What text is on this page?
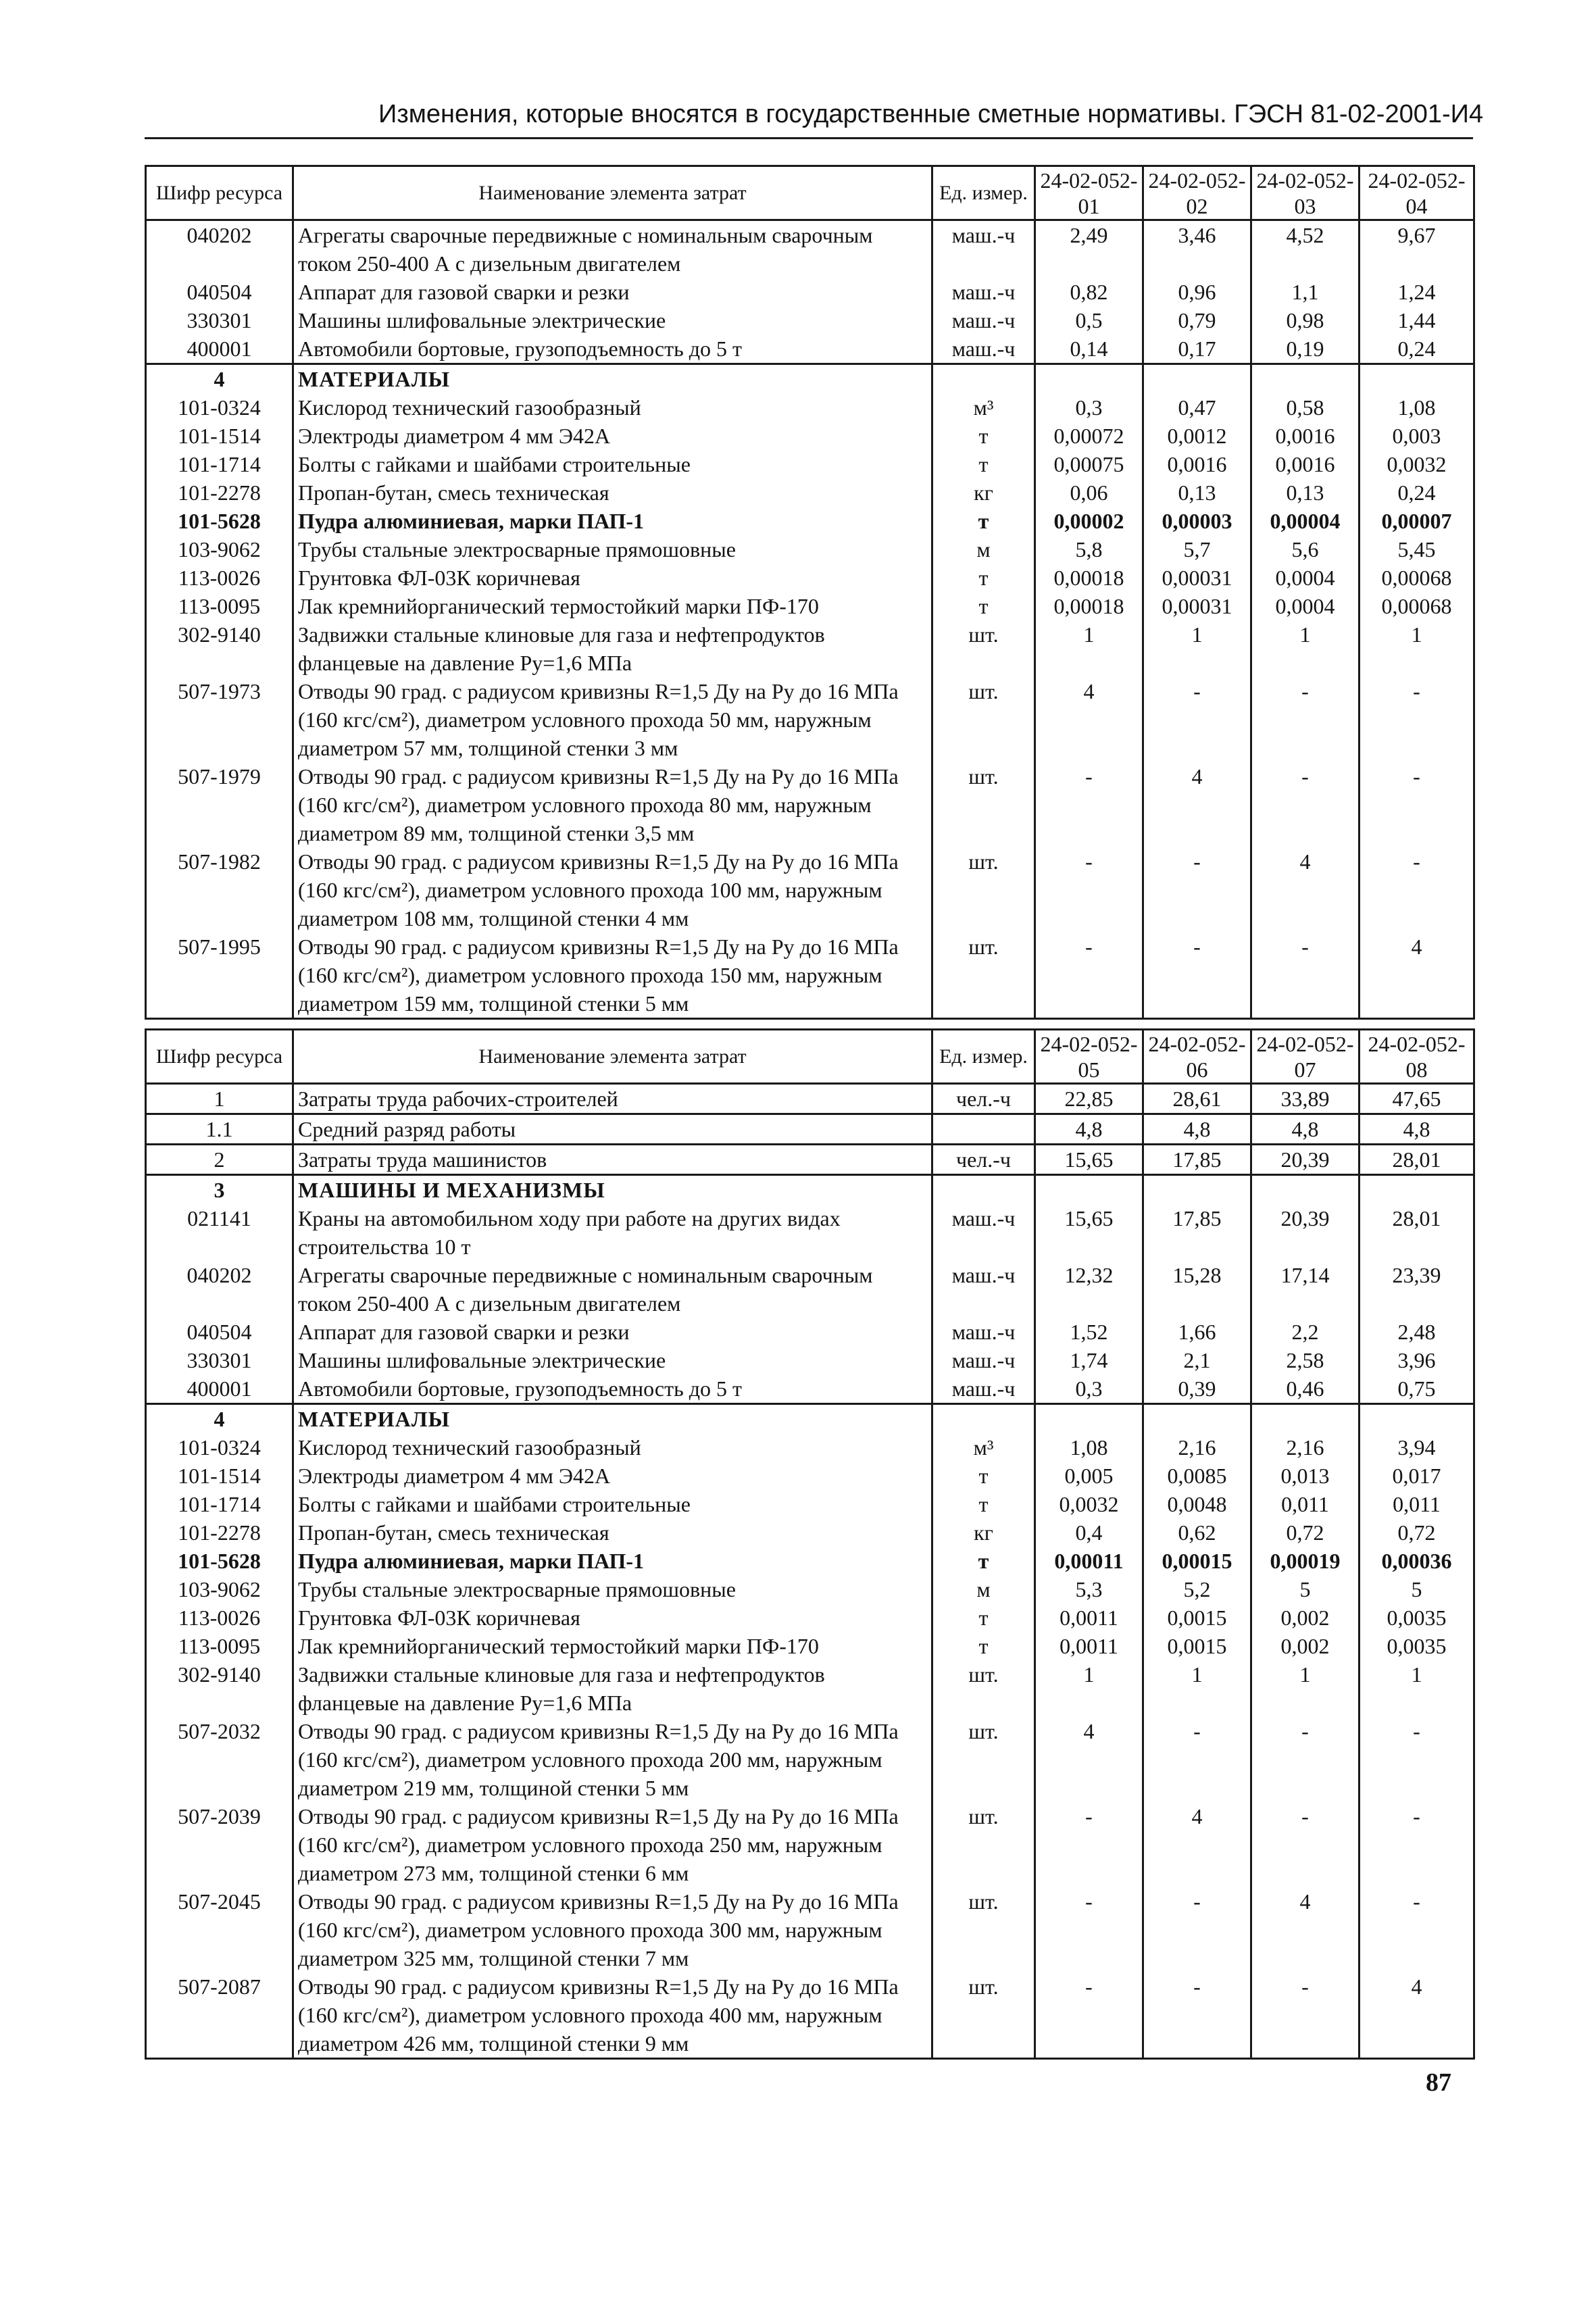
Изменения, которые вносятся в государственные сметные нормативы. ГЭСН 81-02-2001-И4
Шифр ресурса	Наименование элемента затрат	Ед. измер.	24-02-052-01	24-02-052-02	24-02-052-03	24-02-052-04
040202	Агрегаты сварочные передвижные с номинальным сварочным током 250-400 А с дизельным двигателем	маш.-ч	2,49	3,46	4,52	9,67
040504	Аппарат для газовой сварки и резки	маш.-ч	0,82	0,96	1,1	1,24
330301	Машины шлифовальные электрические	маш.-ч	0,5	0,79	0,98	1,44
400001	Автомобили бортовые, грузоподъемность до 5 т	маш.-ч	0,14	0,17	0,19	0,24
4	МАТЕРИАЛЫ					
101-0324	Кислород технический газообразный	м³	0,3	0,47	0,58	1,08
101-1514	Электроды диаметром 4 мм Э42А	т	0,00072	0,0012	0,0016	0,003
101-1714	Болты с гайками и шайбами строительные	т	0,00075	0,0016	0,0016	0,0032
101-2278	Пропан-бутан, смесь техническая	кг	0,06	0,13	0,13	0,24
101-5628	Пудра алюминиевая, марки ПАП-1	т	0,00002	0,00003	0,00004	0,00007
103-9062	Трубы стальные электросварные прямошовные	м	5,8	5,7	5,6	5,45
113-0026	Грунтовка ФЛ-03К коричневая	т	0,00018	0,00031	0,0004	0,00068
113-0095	Лак кремнийорганический термостойкий марки ПФ-170	т	0,00018	0,00031	0,0004	0,00068
302-9140	Задвижки стальные клиновые для газа и нефтепродуктов фланцевые на давление Ру=1,6 МПа	шт.	1	1	1	1
507-1973	Отводы 90 град. с радиусом кривизны R=1,5 Ду на Ру до 16 МПа (160 кгс/см²), диаметром условного прохода 50 мм, наружным диаметром 57 мм, толщиной стенки 3 мм	шт.	4	-	-	-
507-1979	Отводы 90 град. с радиусом кривизны R=1,5 Ду на Ру до 16 МПа (160 кгс/см²), диаметром условного прохода 80 мм, наружным диаметром 89 мм, толщиной стенки 3,5 мм	шт.	-	4	-	-
507-1982	Отводы 90 град. с радиусом кривизны R=1,5 Ду на Ру до 16 МПа (160 кгс/см²), диаметром условного прохода 100 мм, наружным диаметром 108 мм, толщиной стенки 4 мм	шт.	-	-	4	-
507-1995	Отводы 90 град. с радиусом кривизны R=1,5 Ду на Ру до 16 МПа (160 кгс/см²), диаметром условного прохода 150 мм, наружным диаметром 159 мм, толщиной стенки 5 мм	шт.	-	-	-	4
Шифр ресурса	Наименование элемента затрат	Ед. измер.	24-02-052-05	24-02-052-06	24-02-052-07	24-02-052-08
1	Затраты труда рабочих-строителей	чел.-ч	22,85	28,61	33,89	47,65
1.1	Средний разряд работы		4,8	4,8	4,8	4,8
2	Затраты труда машинистов	чел.-ч	15,65	17,85	20,39	28,01
3	МАШИНЫ И МЕХАНИЗМЫ					
021141	Краны на автомобильном ходу при работе на других видах строительства 10 т	маш.-ч	15,65	17,85	20,39	28,01
040202	Агрегаты сварочные передвижные с номинальным сварочным током 250-400 А с дизельным двигателем	маш.-ч	12,32	15,28	17,14	23,39
040504	Аппарат для газовой сварки и резки	маш.-ч	1,52	1,66	2,2	2,48
330301	Машины шлифовальные электрические	маш.-ч	1,74	2,1	2,58	3,96
400001	Автомобили бортовые, грузоподъемность до 5 т	маш.-ч	0,3	0,39	0,46	0,75
4	МАТЕРИАЛЫ					
101-0324	Кислород технический газообразный	м³	1,08	2,16	2,16	3,94
101-1514	Электроды диаметром 4 мм Э42А	т	0,005	0,0085	0,013	0,017
101-1714	Болты с гайками и шайбами строительные	т	0,0032	0,0048	0,011	0,011
101-2278	Пропан-бутан, смесь техническая	кг	0,4	0,62	0,72	0,72
101-5628	Пудра алюминиевая, марки ПАП-1	т	0,00011	0,00015	0,00019	0,00036
103-9062	Трубы стальные электросварные прямошовные	м	5,3	5,2	5	5
113-0026	Грунтовка ФЛ-03К коричневая	т	0,0011	0,0015	0,002	0,0035
113-0095	Лак кремнийорганический термостойкий марки ПФ-170	т	0,0011	0,0015	0,002	0,0035
302-9140	Задвижки стальные клиновые для газа и нефтепродуктов фланцевые на давление Ру=1,6 МПа	шт.	1	1	1	1
507-2032	Отводы 90 град. с радиусом кривизны R=1,5 Ду на Ру до 16 МПа (160 кгс/см²), диаметром условного прохода 200 мм, наружным диаметром 219 мм, толщиной стенки 5 мм	шт.	4	-	-	-
507-2039	Отводы 90 град. с радиусом кривизны R=1,5 Ду на Ру до 16 МПа (160 кгс/см²), диаметром условного прохода 250 мм, наружным диаметром 273 мм, толщиной стенки 6 мм	шт.	-	4	-	-
507-2045	Отводы 90 град. с радиусом кривизны R=1,5 Ду на Ру до 16 МПа (160 кгс/см²), диаметром условного прохода 300 мм, наружным диаметром 325 мм, толщиной стенки 7 мм	шт.	-	-	4	-
507-2087	Отводы 90 град. с радиусом кривизны R=1,5 Ду на Ру до 16 МПа (160 кгс/см²), диаметром условного прохода 400 мм, наружным диаметром 426 мм, толщиной стенки 9 мм	шт.	-	-	-	4
87
